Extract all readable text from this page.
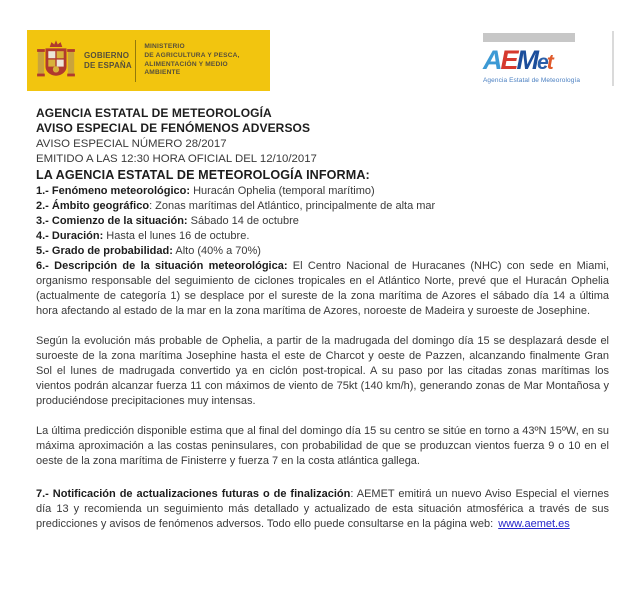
GOBIERNO
DE ESPAÑA
MINISTERIO
DE AGRICULTURA Y PESCA,
ALIMENTACIÓN Y MEDIO AMBIENTE	AEMet
Agencia Estatal de Meteorología
AGENCIA ESTATAL DE METEOROLOGÍA
AVISO ESPECIAL DE FENÓMENOS ADVERSOS
AVISO ESPECIAL NÚMERO 28/2017
EMITIDO A LAS 12:30 HORA OFICIAL DEL 12/10/2017
LA AGENCIA ESTATAL DE METEOROLOGÍA INFORMA:
1.- Fenómeno meteorológico: Huracán Ophelia (temporal marítimo)
2.- Ámbito geográfico: Zonas marítimas del Atlántico, principalmente de alta mar
3.- Comienzo de la situación: Sábado 14 de octubre
4.- Duración: Hasta el lunes 16 de octubre.
5.- Grado de probabilidad: Alto (40% a 70%)
6.- Descripción de la situación meteorológica: El Centro Nacional de Huracanes (NHC) con sede en Miami, organismo responsable del seguimiento de ciclones tropicales en el Atlántico Norte, prevé que el Huracán Ophelia (actualmente de categoría 1) se desplace por el sureste de la zona marítima de Azores el sábado día 14 a última hora afectando al estado de la mar en la zona marítima de Azores, noroeste de Madeira y suroeste de Josephine.
Según la evolución más probable de Ophelia, a partir de la madrugada del domingo día 15 se desplazará desde el suroeste de la zona marítima Josephine hasta el este de Charcot y oeste de Pazzen, alcanzando finalmente Gran Sol el lunes de madrugada convertido ya en ciclón post-tropical. A su paso por las citadas zonas marítimas los vientos podrán alcanzar fuerza 11 con máximos de viento de 75kt (140 km/h), generando zonas de Mar Montañosa y produciéndose precipitaciones muy intensas.
La última predicción disponible estima que al final del domingo día 15 su centro se sitúe en torno a 43ºN 15ºW, en su máxima aproximación a las costas peninsulares, con probabilidad de que se produzcan vientos fuerza 9 o 10 en el oeste de la zona marítima de Finisterre y fuerza 7 en la costa atlántica gallega.
7.- Notificación de actualizaciones futuras o de finalización: AEMET emitirá un nuevo Aviso Especial el viernes día 13 y recomienda un seguimiento más detallado y actualizado de esta situación atmosférica a través de sus predicciones y avisos de fenómenos adversos. Todo ello puede consultarse en la página web: www.aemet.es
